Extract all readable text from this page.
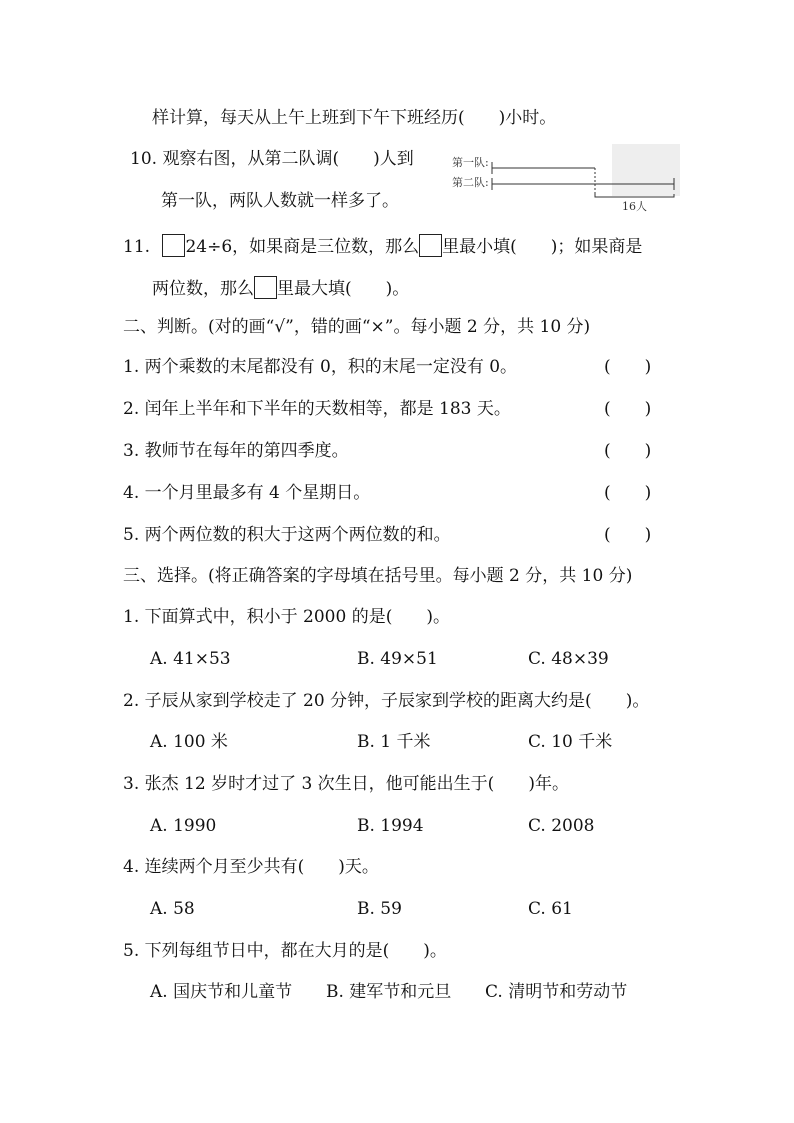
样计算，每天从上午上班到下午下班经历(　　)小时。
10. 观察右图，从第二队调(　　)人到
第一队，两队人数就一样多了。
第一队:
第二队:
16人
11. 24÷6，如果商是三位数，那么 里最小填(　　)；如果商是
两位数，那么 里最大填(　　)。
二、判断。(对的画“√”，错的画“×”。每小题 2 分，共 10 分)
1. 两个乘数的末尾都没有 0，积的末尾一定没有 0。	(　　)
2. 闰年上半年和下半年的天数相等，都是 183 天。	(　　)
3. 教师节在每年的第四季度。	(　　)
4. 一个月里最多有 4 个星期日。	(　　)
5. 两个两位数的积大于这两个两位数的和。	(　　)
三、选择。(将正确答案的字母填在括号里。每小题 2 分，共 10 分)
1. 下面算式中，积小于 2000 的是(　　)。
A. 41×53	B. 49×51	C. 48×39
2. 子辰从家到学校走了 20 分钟，子辰家到学校的距离大约是(　　)。
A. 100 米	B. 1 千米	C. 10 千米
3. 张杰 12 岁时才过了 3 次生日，他可能出生于(　　)年。
A. 1990	B. 1994	C. 2008
4. 连续两个月至少共有(　　)天。
A. 58	B. 59	C. 61
5. 下列每组节日中，都在大月的是(　　)。
A. 国庆节和儿童节 B. 建军节和元旦 C. 清明节和劳动节
